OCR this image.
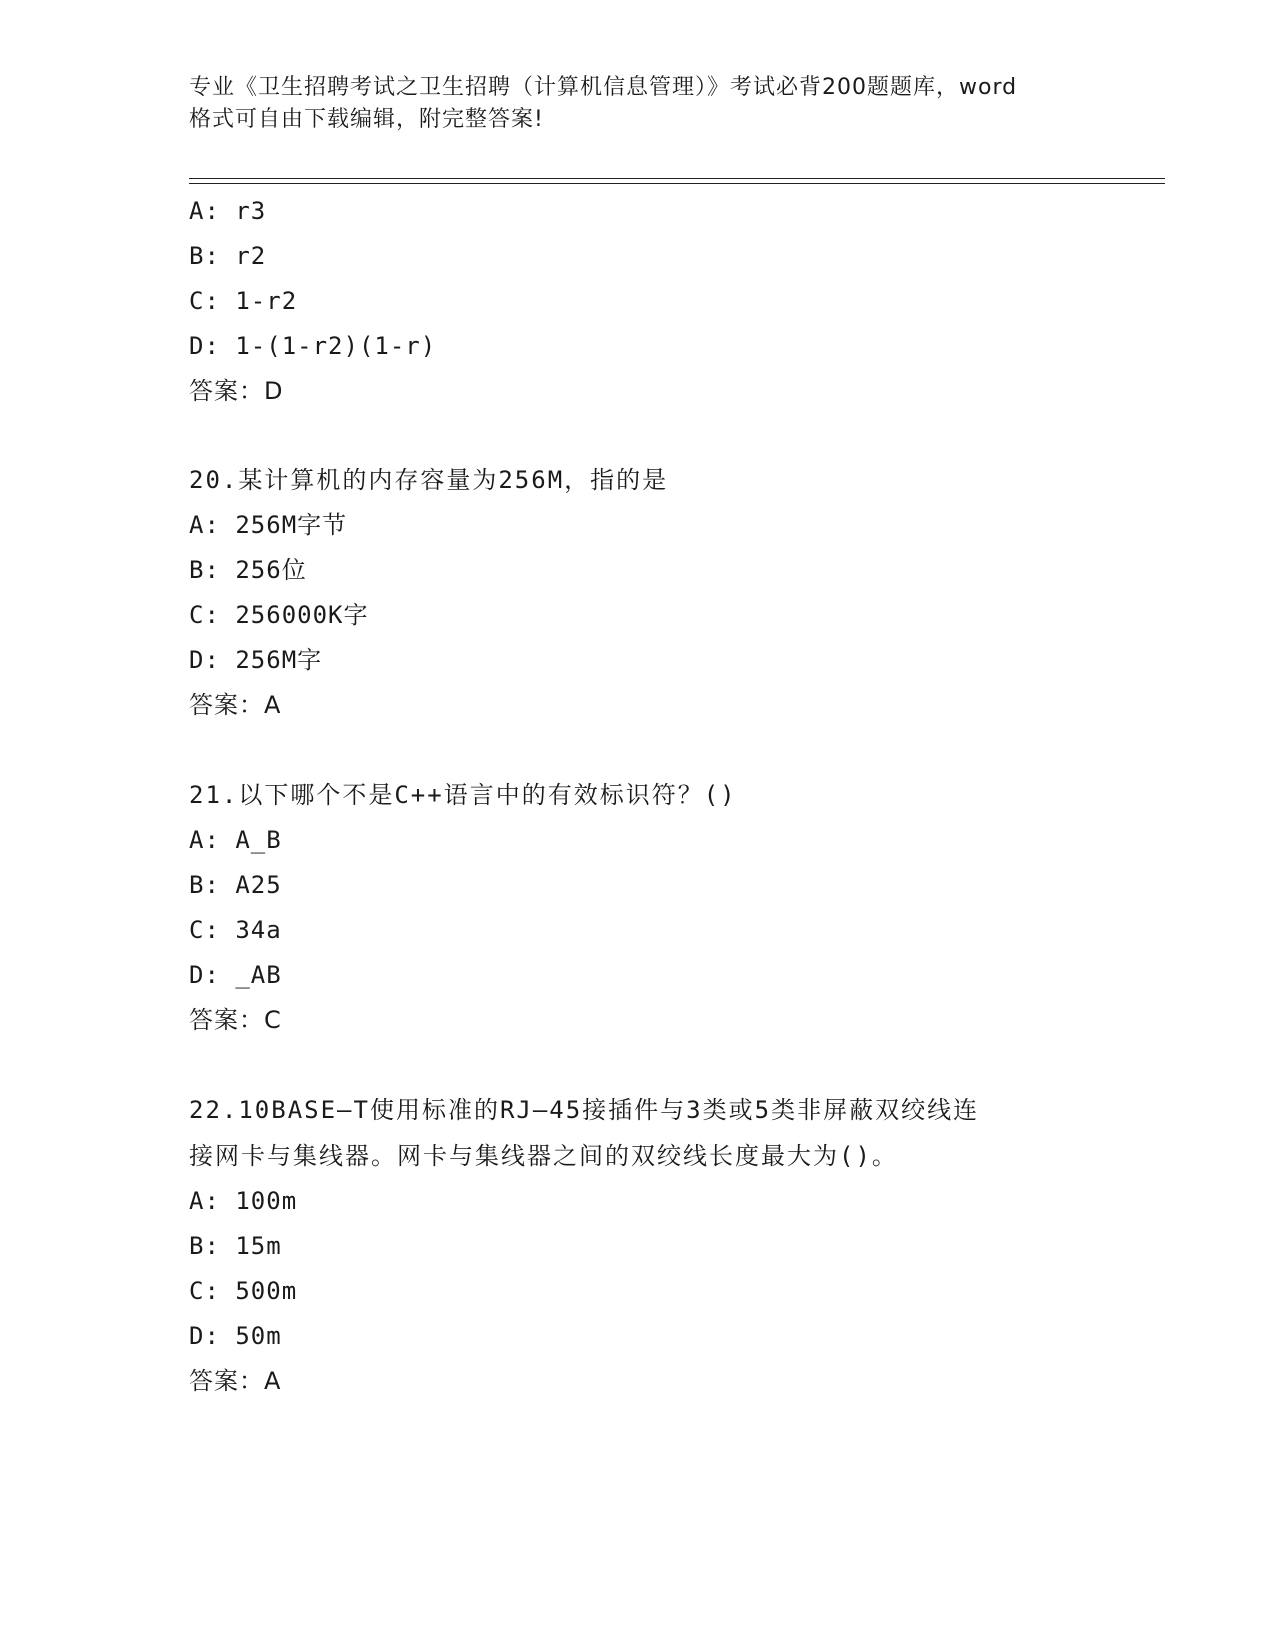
专业《卫生招聘考试之卫生招聘（计算机信息管理）》考试必背200题题库，word
格式可自由下载编辑，附完整答案!
A: r3
B: r2
C: 1-r2
D: 1-(1-r2)(1-r)
答案：D
20.某计算机的内存容量为256M，指的是
A: 256M字节
B: 256位
C: 256000K字
D: 256M字
答案：A
21.以下哪个不是C++语言中的有效标识符？()
A: A_B
B: A25
C: 34a
D: _AB
答案：C
22.10BASE—T使用标准的RJ—45接插件与3类或5类非屏蔽双绞线连
接网卡与集线器。网卡与集线器之间的双绞线长度最大为()。
A: 100m
B: 15m
C: 500m
D: 50m
答案：A
